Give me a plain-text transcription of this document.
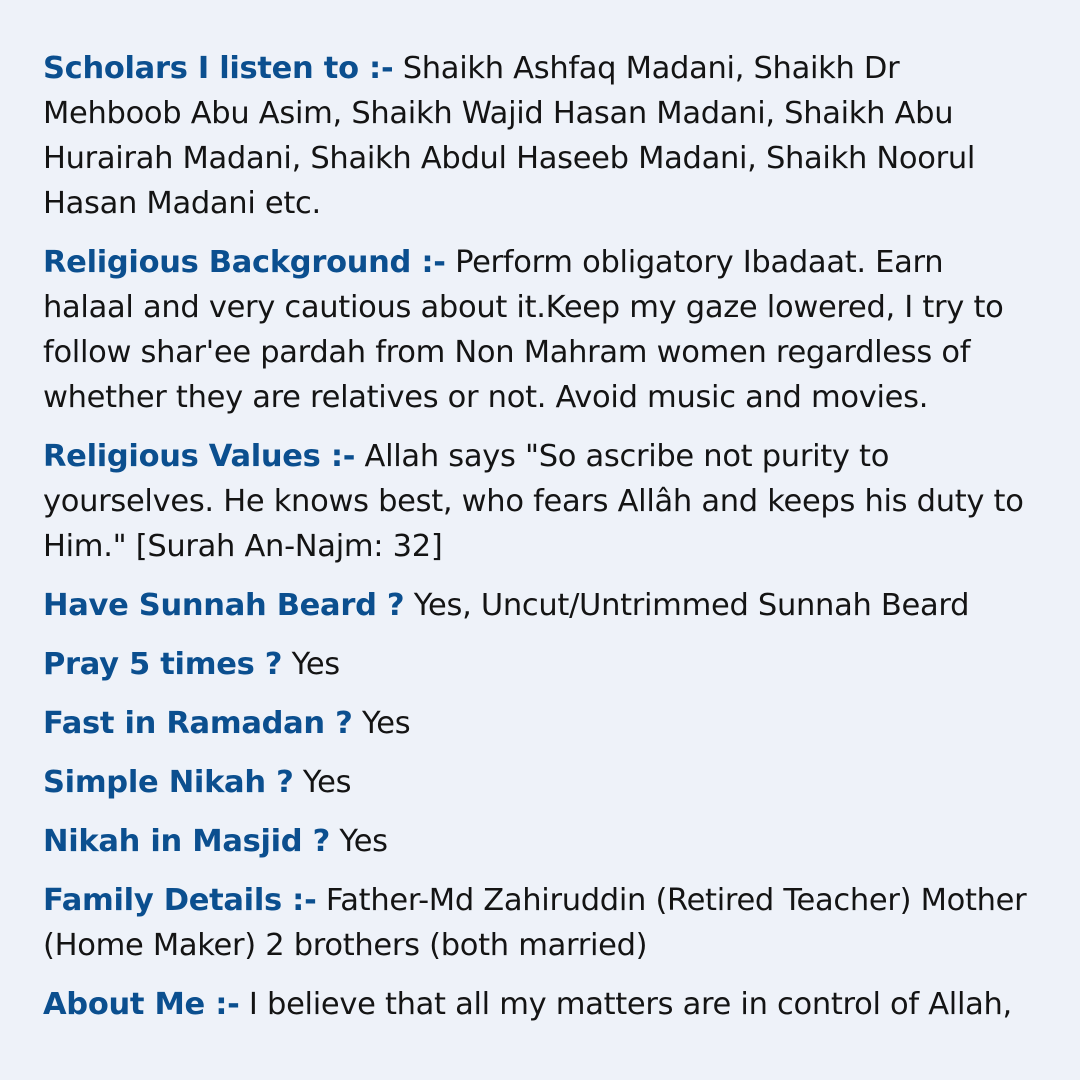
Scholars I listen to :- Shaikh Ashfaq Madani, Shaikh Dr Mehboob Abu Asim, Shaikh Wajid Hasan Madani, Shaikh Abu Hurairah Madani, Shaikh Abdul Haseeb Madani, Shaikh Noorul Hasan Madani etc.

Religious Background :- Perform obligatory Ibadaat. Earn halaal and very cautious about it.Keep my gaze lowered, I try to follow shar'ee pardah from Non Mahram women regardless of whether they are relatives or not. Avoid music and movies.

Religious Values :- Allah says "So ascribe not purity to yourselves. He knows best, who fears Allâh and keeps his duty to Him." [Surah An-Najm: 32]

Have Sunnah Beard ? Yes, Uncut/Untrimmed Sunnah Beard

Pray 5 times ? Yes

Fast in Ramadan ? Yes

Simple Nikah ? Yes

Nikah in Masjid ? Yes

Family Details :- Father-Md Zahiruddin (Retired Teacher) Mother (Home Maker) 2 brothers (both married)

About Me :- I believe that all my matters are in control of Allah,
